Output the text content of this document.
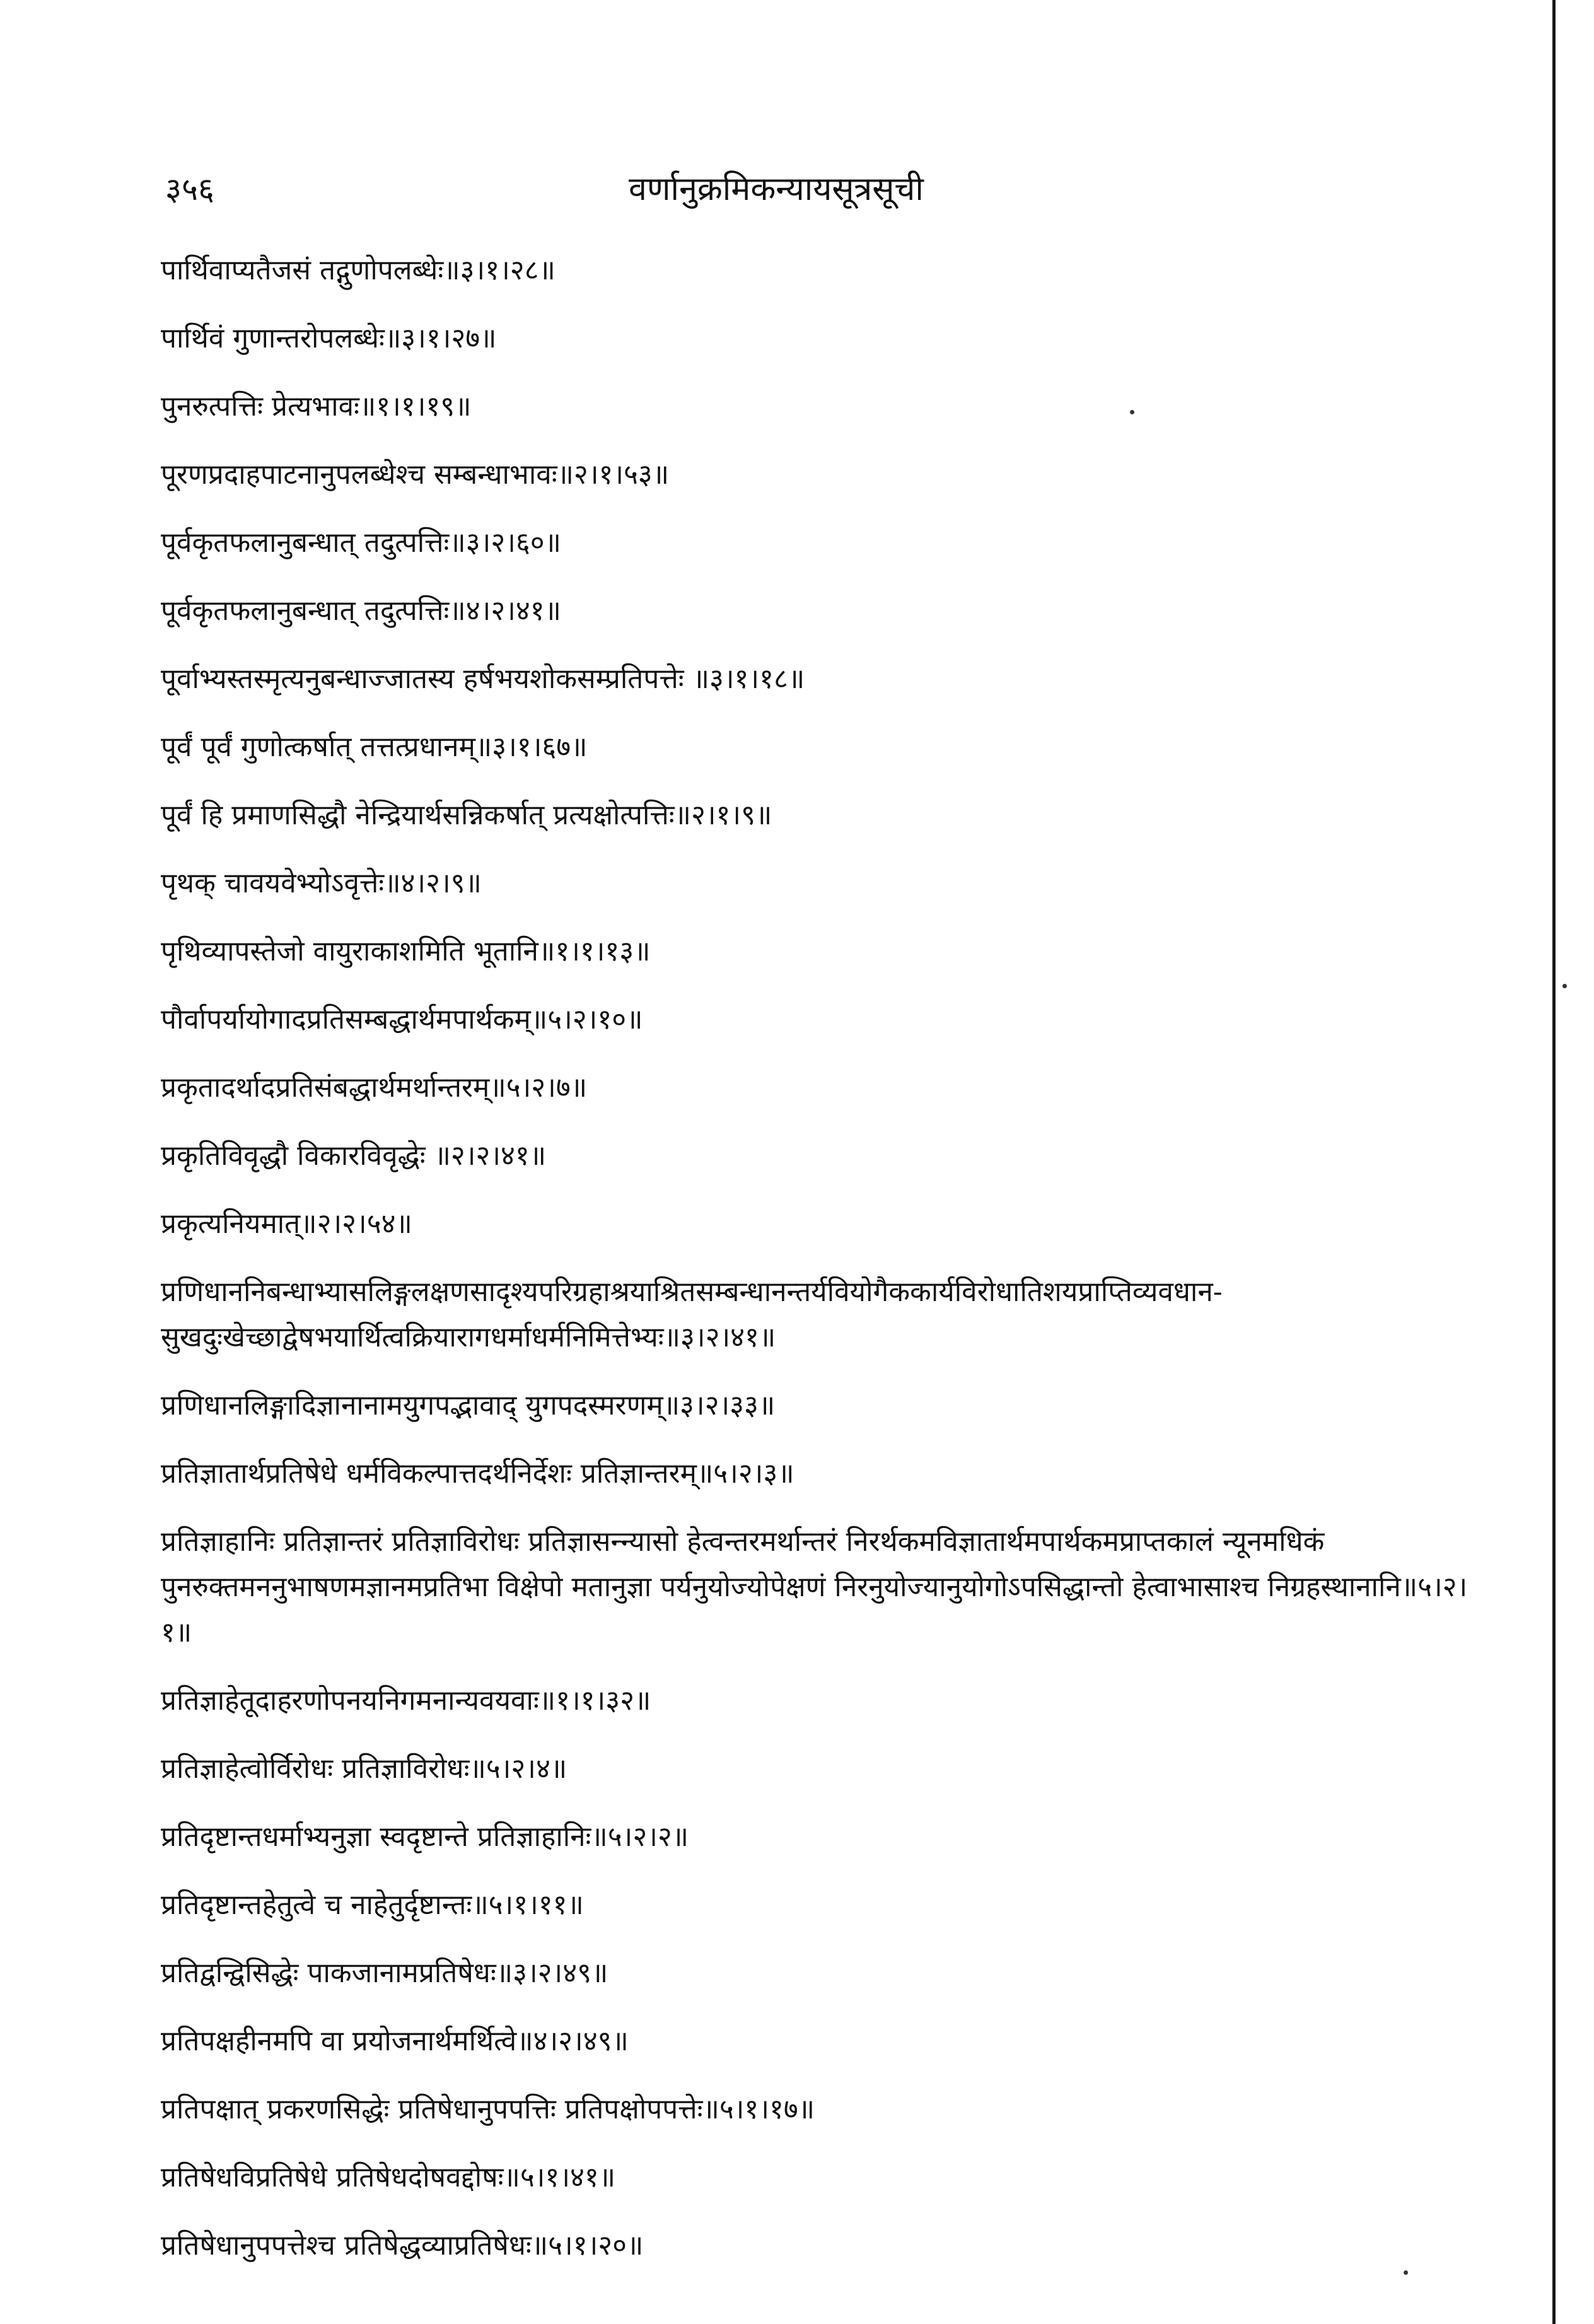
३५६	वर्णानुक्रमिकन्यायसूत्रसूची
पार्थिवाप्यतैजसं तद्गुणोपलब्धेः॥३।१।२८॥
पार्थिवं गुणान्तरोपलब्धेः॥३।१।२७॥
पुनरुत्पत्तिः प्रेत्यभावः॥१।१।१९॥
पूरणप्रदाहपाटनानुपलब्धेश्च सम्बन्धाभावः॥२।१।५३॥
पूर्वकृतफलानुबन्धात् तदुत्पत्तिः॥३।२।६०॥
पूर्वकृतफलानुबन्धात् तदुत्पत्तिः॥४।२।४१॥
पूर्वाभ्यस्तस्मृत्यनुबन्धाज्जातस्य हर्षभयशोकसम्प्रतिपत्तेः ॥३।१।१८॥
पूर्वं पूर्वं गुणोत्कर्षात् तत्तत्प्रधानम्॥३।१।६७॥
पूर्वं हि प्रमाणसिद्धौ नेन्द्रियार्थसन्निकर्षात् प्रत्यक्षोत्पत्तिः॥२।१।९॥
पृथक् चावयवेभ्योऽवृत्तेः॥४।२।९॥
पृथिव्यापस्तेजो वायुराकाशमिति भूतानि॥१।१।१३॥
पौर्वापर्यायोगादप्रतिसम्बद्धार्थमपार्थकम्॥५।२।१०॥
प्रकृतादर्थादप्रतिसंबद्धार्थमर्थान्तरम्॥५।२।७॥
प्रकृतिविवृद्धौ विकारविवृद्धेः ॥२।२।४१॥
प्रकृत्यनियमात्॥२।२।५४॥
प्रणिधाननिबन्धाभ्यासलिङ्गलक्षणसादृश्यपरिग्रहाश्रयाश्रितसम्बन्धानन्तर्यवियोगैककार्यविरोधातिशयप्राप्तिव्यवधान- सुखदुःखेच्छाद्वेषभयार्थित्वक्रियारागधर्माधर्मनिमित्तेभ्यः॥३।२।४१॥
प्रणिधानलिङ्गादिज्ञानानामयुगपद्भावाद् युगपदस्मरणम्॥३।२।३३॥
प्रतिज्ञातार्थप्रतिषेधे धर्मविकल्पात्तदर्थनिर्देशः प्रतिज्ञान्तरम्॥५।२।३॥
प्रतिज्ञाहानिः प्रतिज्ञान्तरं प्रतिज्ञाविरोधः प्रतिज्ञासन्न्यासो हेत्वन्तरमर्थान्तरं निरर्थकमविज्ञातार्थमपार्थकमप्राप्तकालं न्यूनमधिकं पुनरुक्तमननुभाषणमज्ञानमप्रतिभा विक्षेपो मतानुज्ञा पर्यनुयोज्योपेक्षणं निरनुयोज्यानुयोगोऽपसिद्धान्तो हेत्वाभासाश्च निग्रहस्थानानि॥५।२।१॥
प्रतिज्ञाहेतूदाहरणोपनयनिगमनान्यवयवाः॥१।१।३२॥
प्रतिज्ञाहेत्वोर्विरोधः प्रतिज्ञाविरोधः॥५।२।४॥
प्रतिदृष्टान्तधर्माभ्यनुज्ञा स्वदृष्टान्ते प्रतिज्ञाहानिः॥५।२।२॥
प्रतिदृष्टान्तहेतुत्वे च नाहेतुर्दृष्टान्तः॥५।१।११॥
प्रतिद्वन्द्विसिद्धेः पाकजानामप्रतिषेधः॥३।२।४९॥
प्रतिपक्षहीनमपि वा प्रयोजनार्थमर्थित्वे॥४।२।४९॥
प्रतिपक्षात् प्रकरणसिद्धेः प्रतिषेधानुपपत्तिः प्रतिपक्षोपपत्तेः॥५।१।१७॥
प्रतिषेधविप्रतिषेधे प्रतिषेधदोषवद्दोषः॥५।१।४१॥
प्रतिषेधानुपपत्तेश्च प्रतिषेद्धव्याप्रतिषेधः॥५।१।२०॥
